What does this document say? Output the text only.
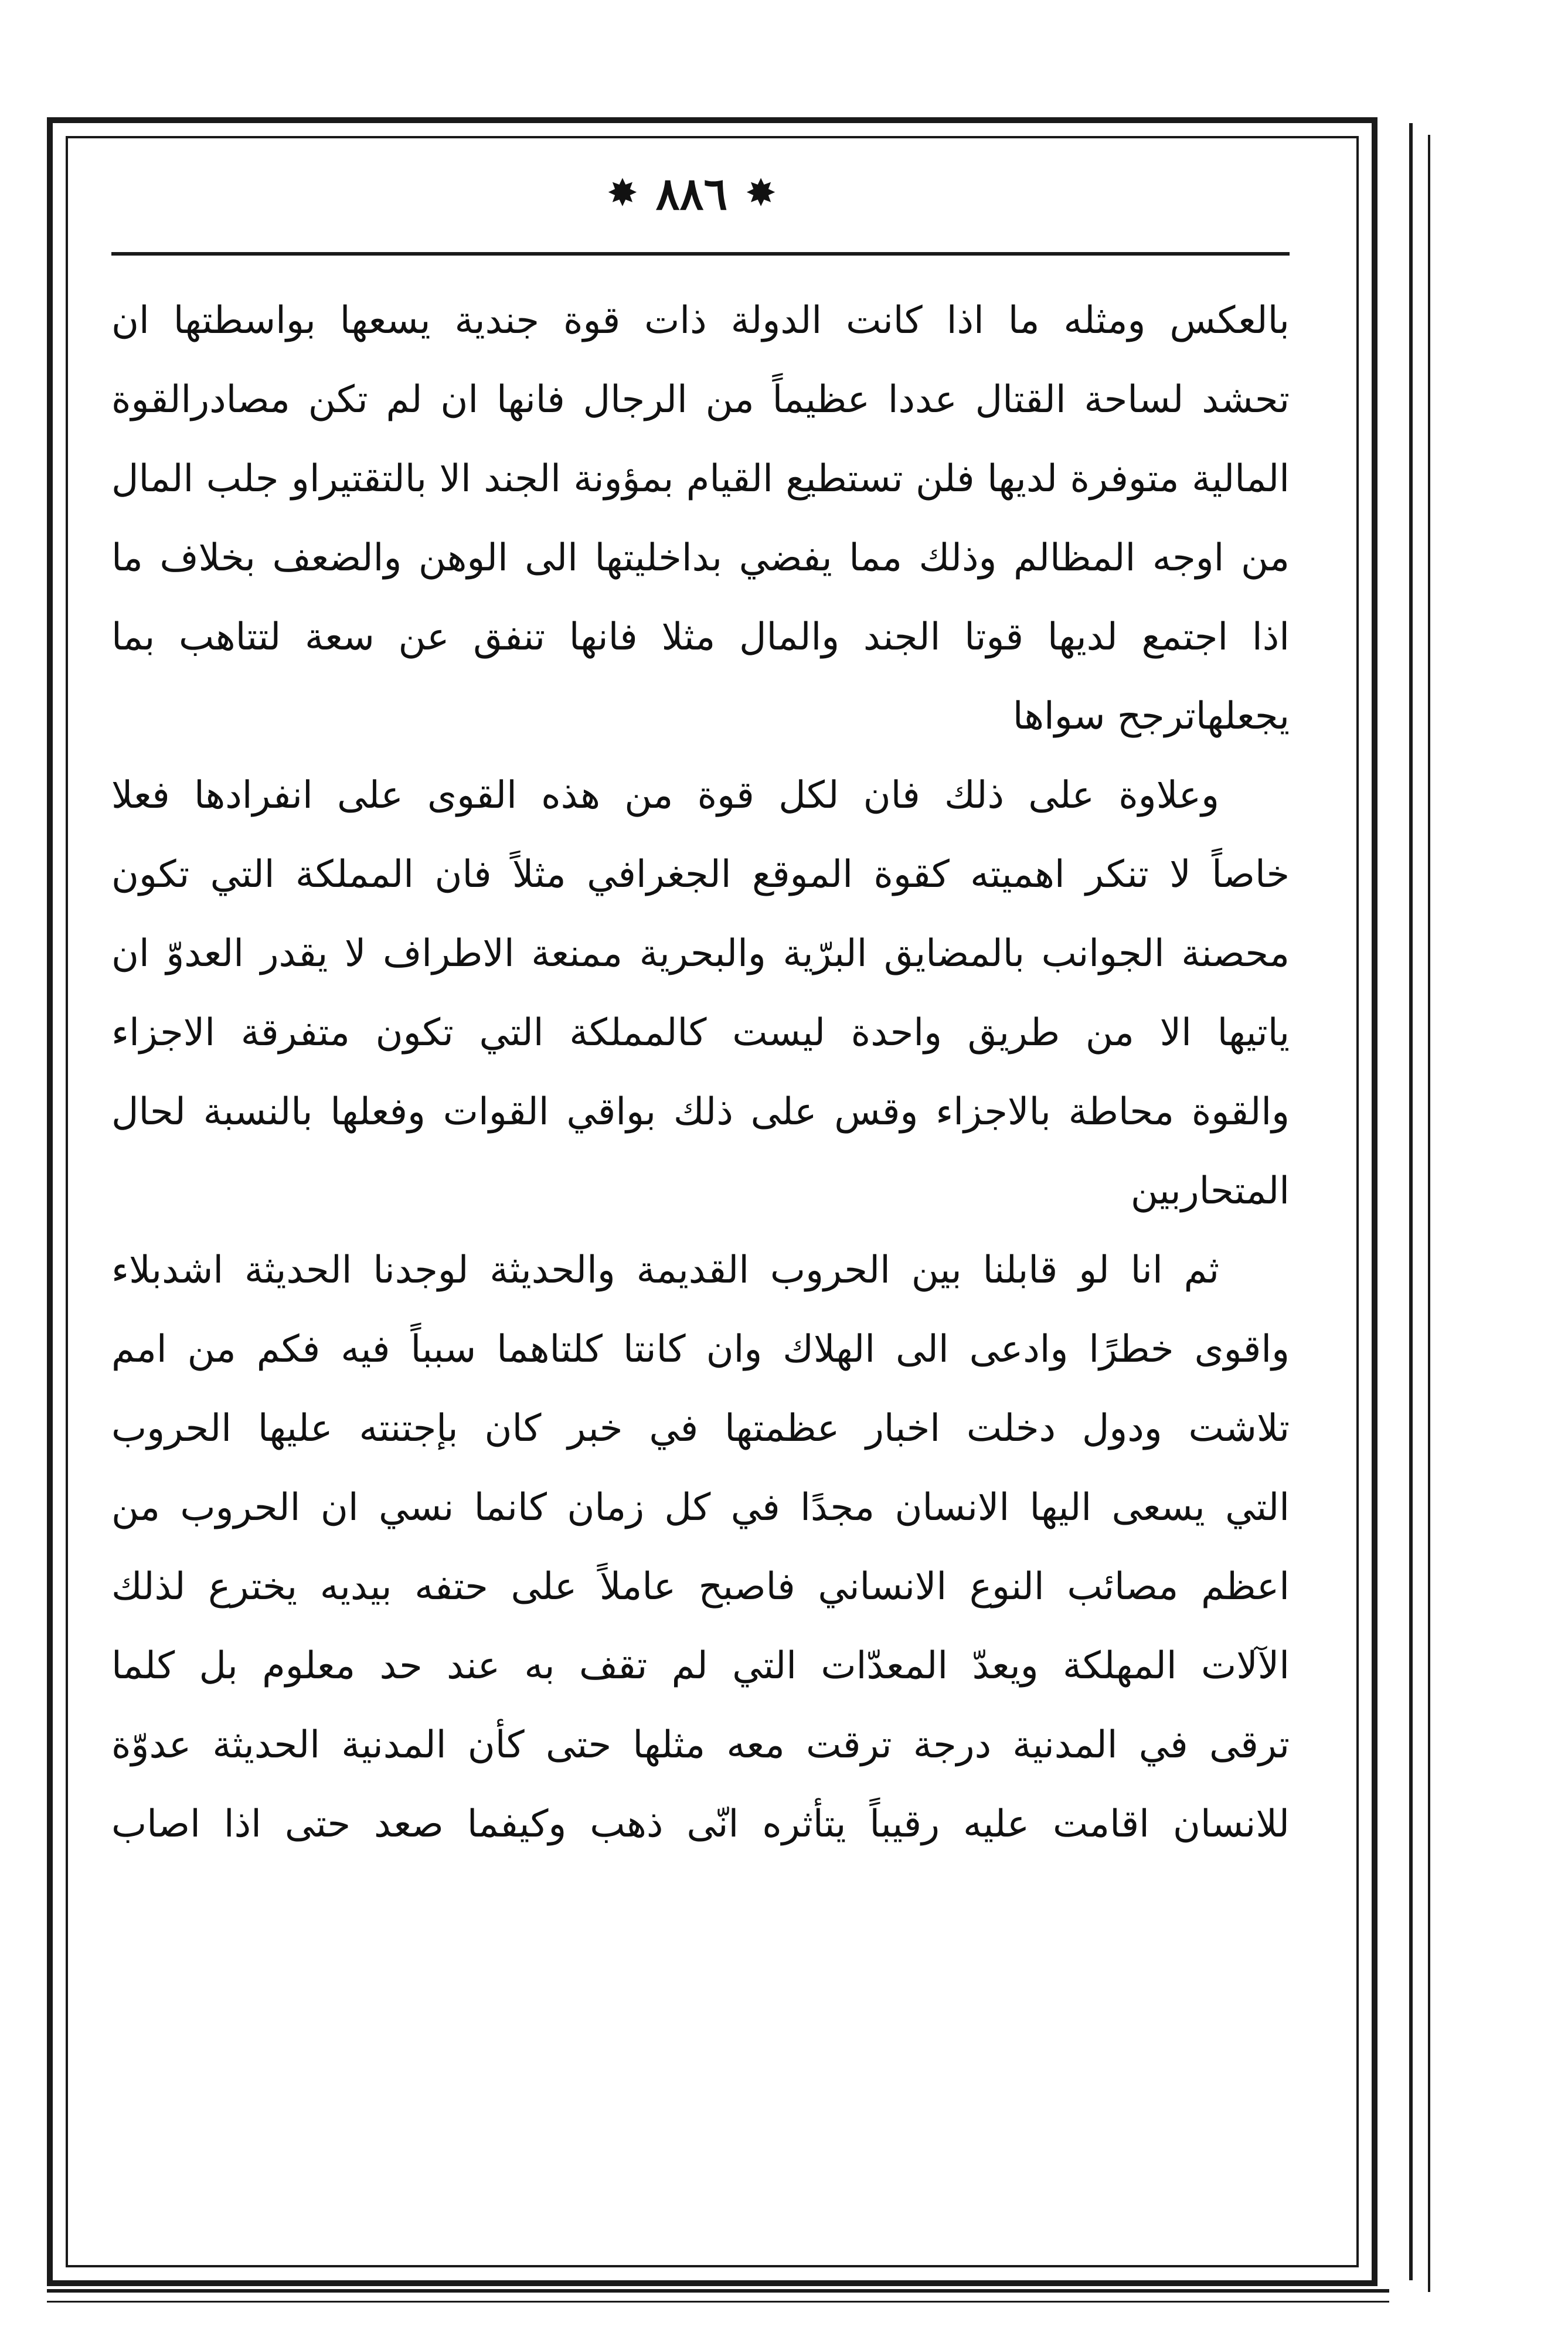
✸
٨٨٦
✸
بالعكس ومثله ما اذا كانت الدولة ذات قوة جندية يسعها بواسطتها ان
تحشد لساحة القتال عددا عظيماً من الرجال فانها ان لم تكن مصادرالقوة
المالية متوفرة لديها فلن تستطيع القيام بمؤونة الجند الا بالتقتيراو جلب المال
من اوجه المظالم وذلك مما يفضي بداخليتها الى الوهن والضعف بخلاف ما
اذا اجتمع لديها قوتا الجند والمال مثلا فانها تنفق عن سعة لتتاهب بما
يجعلهاترجح سواها
وعلاوة على ذلك فان لكل قوة من هذه القوى على انفرادها فعلا
خاصاً لا تنكر اهميته كقوة الموقع الجغرافي مثلاً فان المملكة التي تكون
محصنة الجوانب بالمضايق البرّية والبحرية ممنعة الاطراف لا يقدر العدوّ ان
ياتيها الا من طريق واحدة ليست كالمملكة التي تكون متفرقة الاجزاء
والقوة محاطة بالاجزاء وقس على ذلك بواقي القوات وفعلها بالنسبة لحال
المتحاربين
ثم انا لو قابلنا بين الحروب القديمة والحديثة لوجدنا الحديثة اشدبلاء
واقوى خطرًا وادعى الى الهلاك وان كانتا كلتاهما سبباً فيه فكم من امم
تلاشت ودول دخلت اخبار عظمتها في خبر كان بإجتنته عليها الحروب
التي يسعى اليها الانسان مجدًا في كل زمان كانما نسي ان الحروب من
اعظم مصائب النوع الانساني فاصبح عاملاً على حتفه بيديه يخترع لذلك
الآلات المهلكة ويعدّ المعدّات التي لم تقف به عند حد معلوم بل كلما
ترقى في المدنية درجة ترقت معه مثلها حتى كأن المدنية الحديثة عدوّة
للانسان اقامت عليه رقيباً يتأثره انّى ذهب وكيفما صعد حتى اذا اصاب
